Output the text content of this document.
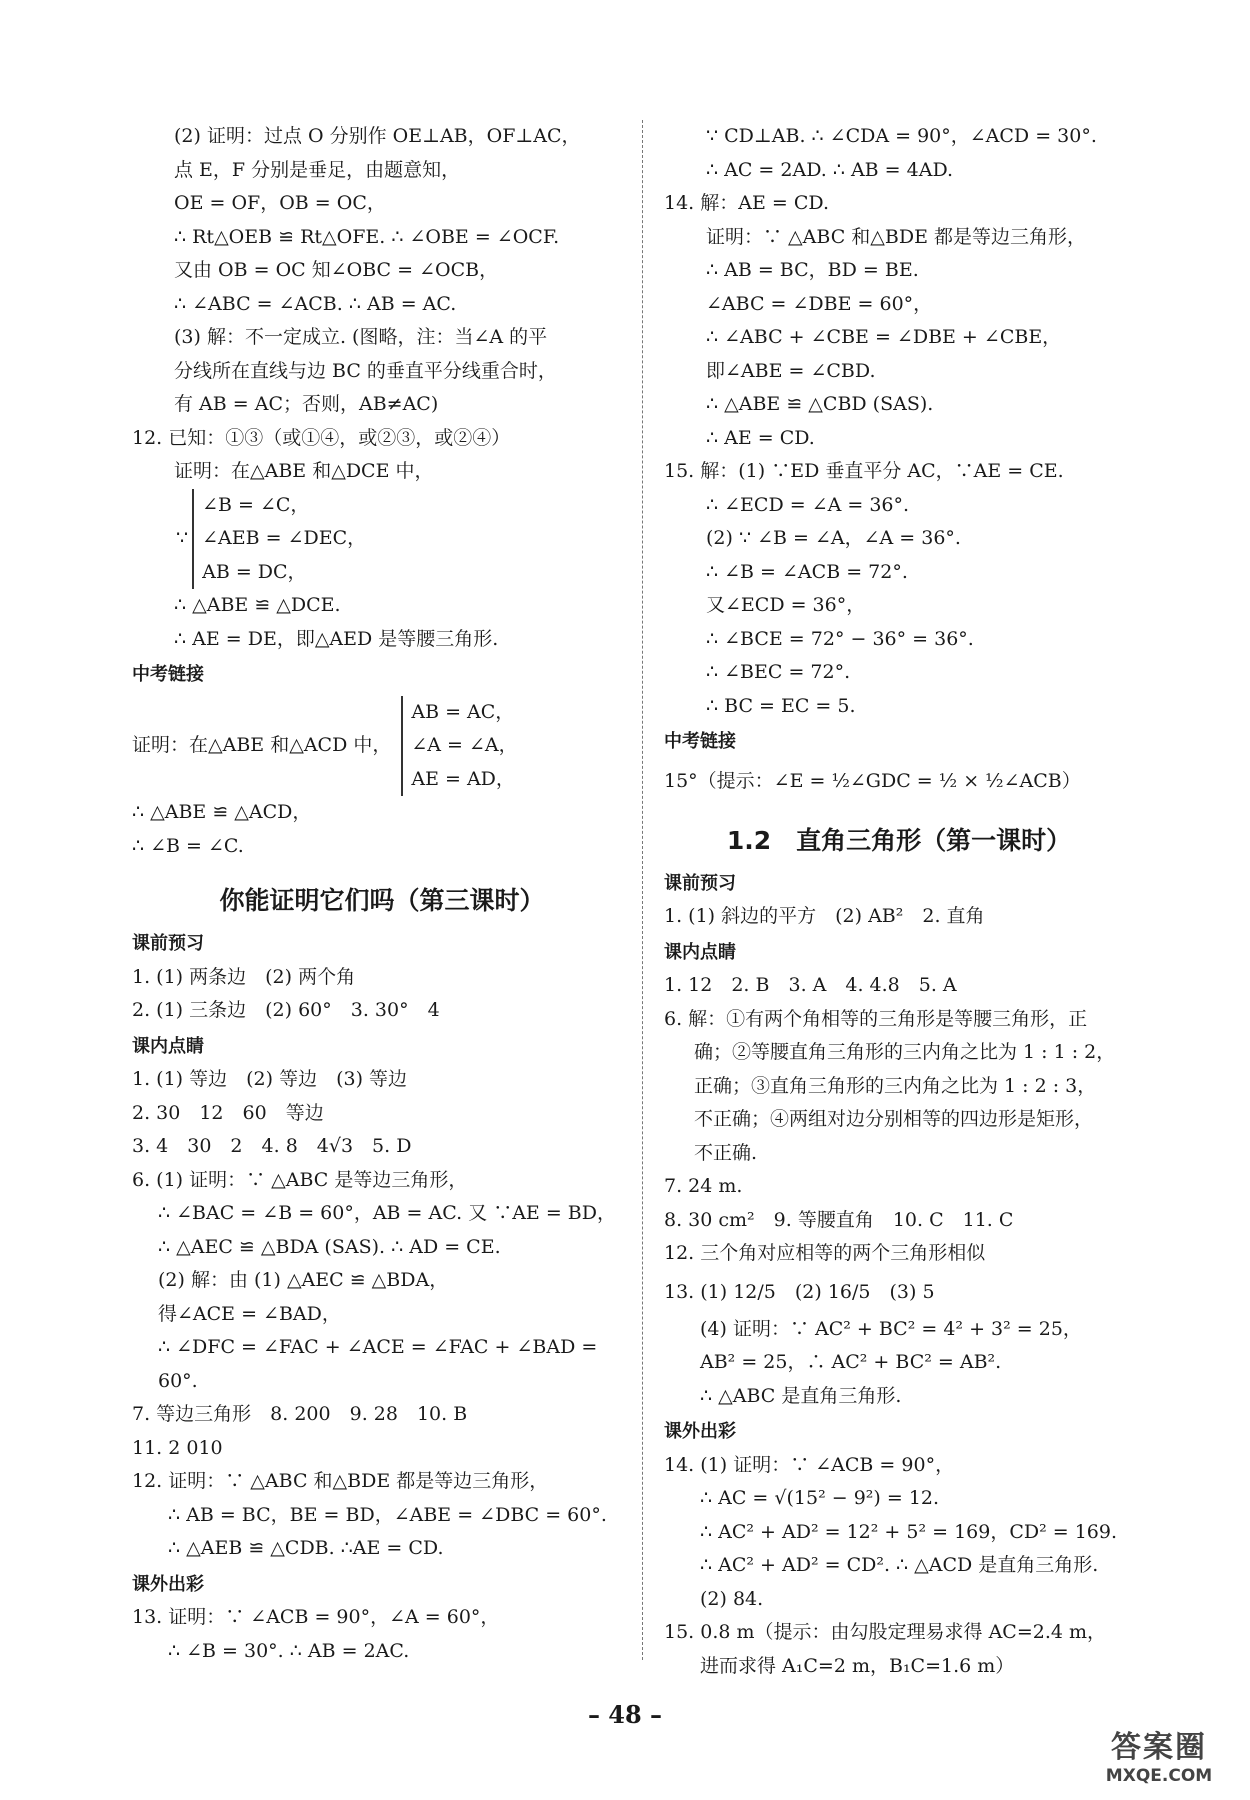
(2) 证明：过点 O 分别作 OE⊥AB，OF⊥AC，
点 E，F 分别是垂足，由题意知，
OE = OF，OB = OC，
∴ Rt△OEB ≌ Rt△OFE. ∴ ∠OBE = ∠OCF.
又由 OB = OC 知∠OBC = ∠OCB，
∴ ∠ABC = ∠ACB. ∴ AB = AC.
(3) 解：不一定成立. (图略，注：当∠A 的平
分线所在直线与边 BC 的垂直平分线重合时，
有 AB = AC；否则，AB≠AC)
12. 已知：①③（或①④，或②③，或②④）
证明：在△ABE 和△DCE 中，
∵
∠B = ∠C，
∠AEB = ∠DEC，
AB = DC，
∴ △ABE ≌ △DCE.
∴ AE = DE，即△AED 是等腰三角形.
中考链接
证明：在△ABE 和△ACD 中，
AB = AC，
∠A = ∠A，
AE = AD，
∴ △ABE ≌ △ACD，
∴ ∠B = ∠C.
你能证明它们吗（第三课时）
课前预习
1. (1) 两条边　(2) 两个角
2. (1) 三条边　(2) 60°　3. 30°　4
课内点睛
1. (1) 等边　(2) 等边　(3) 等边
2. 30　12　60　等边
3. 4　30　2　4. 8　4√3　5. D
6. (1) 证明：∵ △ABC 是等边三角形，
∴ ∠BAC = ∠B = 60°，AB = AC. 又 ∵AE = BD，
∴ △AEC ≌ △BDA (SAS). ∴ AD = CE.
(2) 解：由 (1) △AEC ≌ △BDA，
得∠ACE = ∠BAD，
∴ ∠DFC = ∠FAC + ∠ACE = ∠FAC + ∠BAD =
60°.
7. 等边三角形　8. 200　9. 28　10. B
11. 2 010
12. 证明：∵ △ABC 和△BDE 都是等边三角形，
∴ AB = BC，BE = BD，∠ABE = ∠DBC = 60°.
∴ △AEB ≌ △CDB. ∴AE = CD.
课外出彩
13. 证明：∵ ∠ACB = 90°，∠A = 60°，
∴ ∠B = 30°. ∴ AB = 2AC.
∵ CD⊥AB. ∴ ∠CDA = 90°，∠ACD = 30°.
∴ AC = 2AD. ∴ AB = 4AD.
14. 解：AE = CD.
证明：∵ △ABC 和△BDE 都是等边三角形，
∴ AB = BC，BD = BE.
∠ABC = ∠DBE = 60°，
∴ ∠ABC + ∠CBE = ∠DBE + ∠CBE，
即∠ABE = ∠CBD.
∴ △ABE ≌ △CBD (SAS).
∴ AE = CD.
15. 解：(1) ∵ED 垂直平分 AC，∵AE = CE.
∴ ∠ECD = ∠A = 36°.
(2) ∵ ∠B = ∠A，∠A = 36°.
∴ ∠B = ∠ACB = 72°.
又∠ECD = 36°，
∴ ∠BCE = 72° − 36° = 36°.
∴ ∠BEC = 72°.
∴ BC = EC = 5.
中考链接
15°（提示：∠E = ½∠GDC = ½ × ½∠ACB）
1.2　直角三角形（第一课时）
课前预习
1. (1) 斜边的平方　(2) AB²　2. 直角
课内点睛
1. 12　2. B　3. A　4. 4.8　5. A
6. 解：①有两个角相等的三角形是等腰三角形，正
确；②等腰直角三角形的三内角之比为 1 : 1 : 2，
正确；③直角三角形的三内角之比为 1 : 2 : 3，
不正确；④两组对边分别相等的四边形是矩形，
不正确.
7. 24 m.
8. 30 cm²　9. 等腰直角　10. C　11. C
12. 三个角对应相等的两个三角形相似
13. (1) 12/5　(2) 16/5　(3) 5
(4) 证明：∵ AC² + BC² = 4² + 3² = 25，
AB² = 25，∴ AC² + BC² = AB².
∴ △ABC 是直角三角形.
课外出彩
14. (1) 证明：∵ ∠ACB = 90°，
∴ AC = √(15² − 9²) = 12.
∴ AC² + AD² = 12² + 5² = 169，CD² = 169.
∴ AC² + AD² = CD². ∴ △ACD 是直角三角形.
(2) 84.
15. 0.8 m（提示：由勾股定理易求得 AC=2.4 m，
进而求得 A₁C=2 m，B₁C=1.6 m）
– 48 –
答案圈
MXQE.COM
